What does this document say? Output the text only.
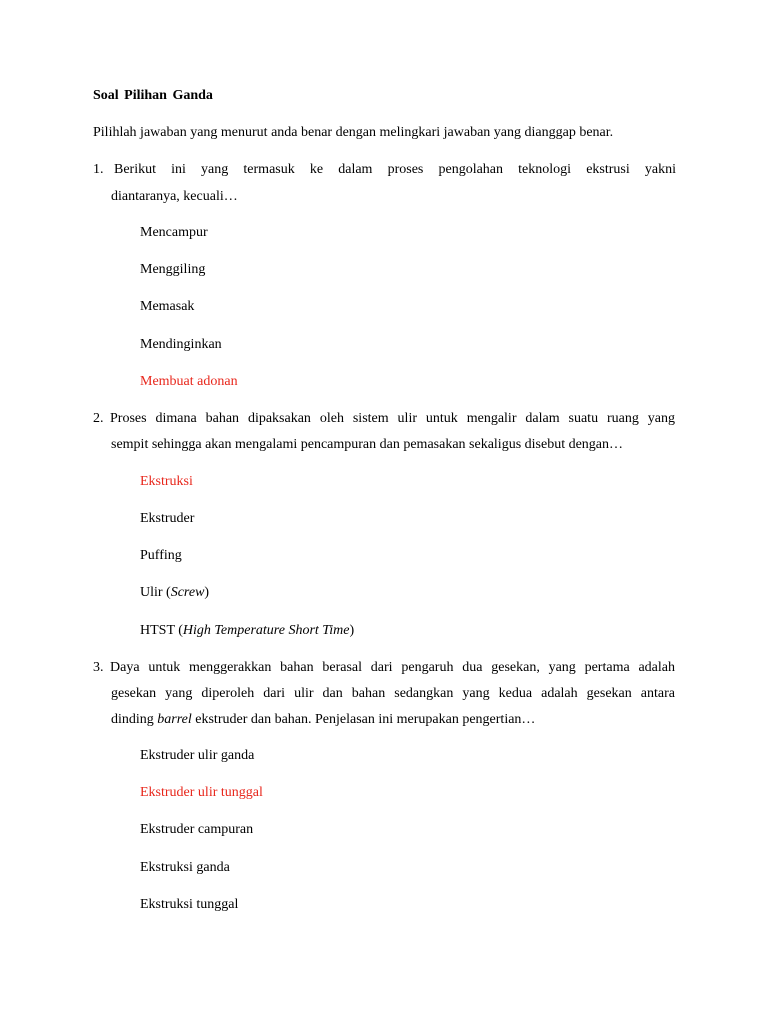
Soal Pilihan Ganda
Pilihlah jawaban yang menurut anda benar dengan melingkari jawaban yang dianggap benar.
1. Berikut ini yang termasuk ke dalam proses pengolahan teknologi ekstrusi yakni
diantaranya, kecuali…
Mencampur
Menggiling
Memasak
Mendinginkan
Membuat adonan
2. Proses dimana bahan dipaksakan oleh sistem ulir untuk mengalir dalam suatu ruang yang
sempit sehingga akan mengalami pencampuran dan pemasakan sekaligus disebut dengan…
Ekstruksi
Ekstruder
Puffing
Ulir (Screw)
HTST (High Temperature Short Time)
3. Daya untuk menggerakkan bahan berasal dari pengaruh dua gesekan, yang pertama adalah
gesekan yang diperoleh dari ulir dan bahan sedangkan yang kedua adalah gesekan antara
dinding barrel ekstruder dan bahan. Penjelasan ini merupakan pengertian…
Ekstruder ulir ganda
Ekstruder ulir tunggal
Ekstruder campuran
Ekstruksi ganda
Ekstruksi tunggal
